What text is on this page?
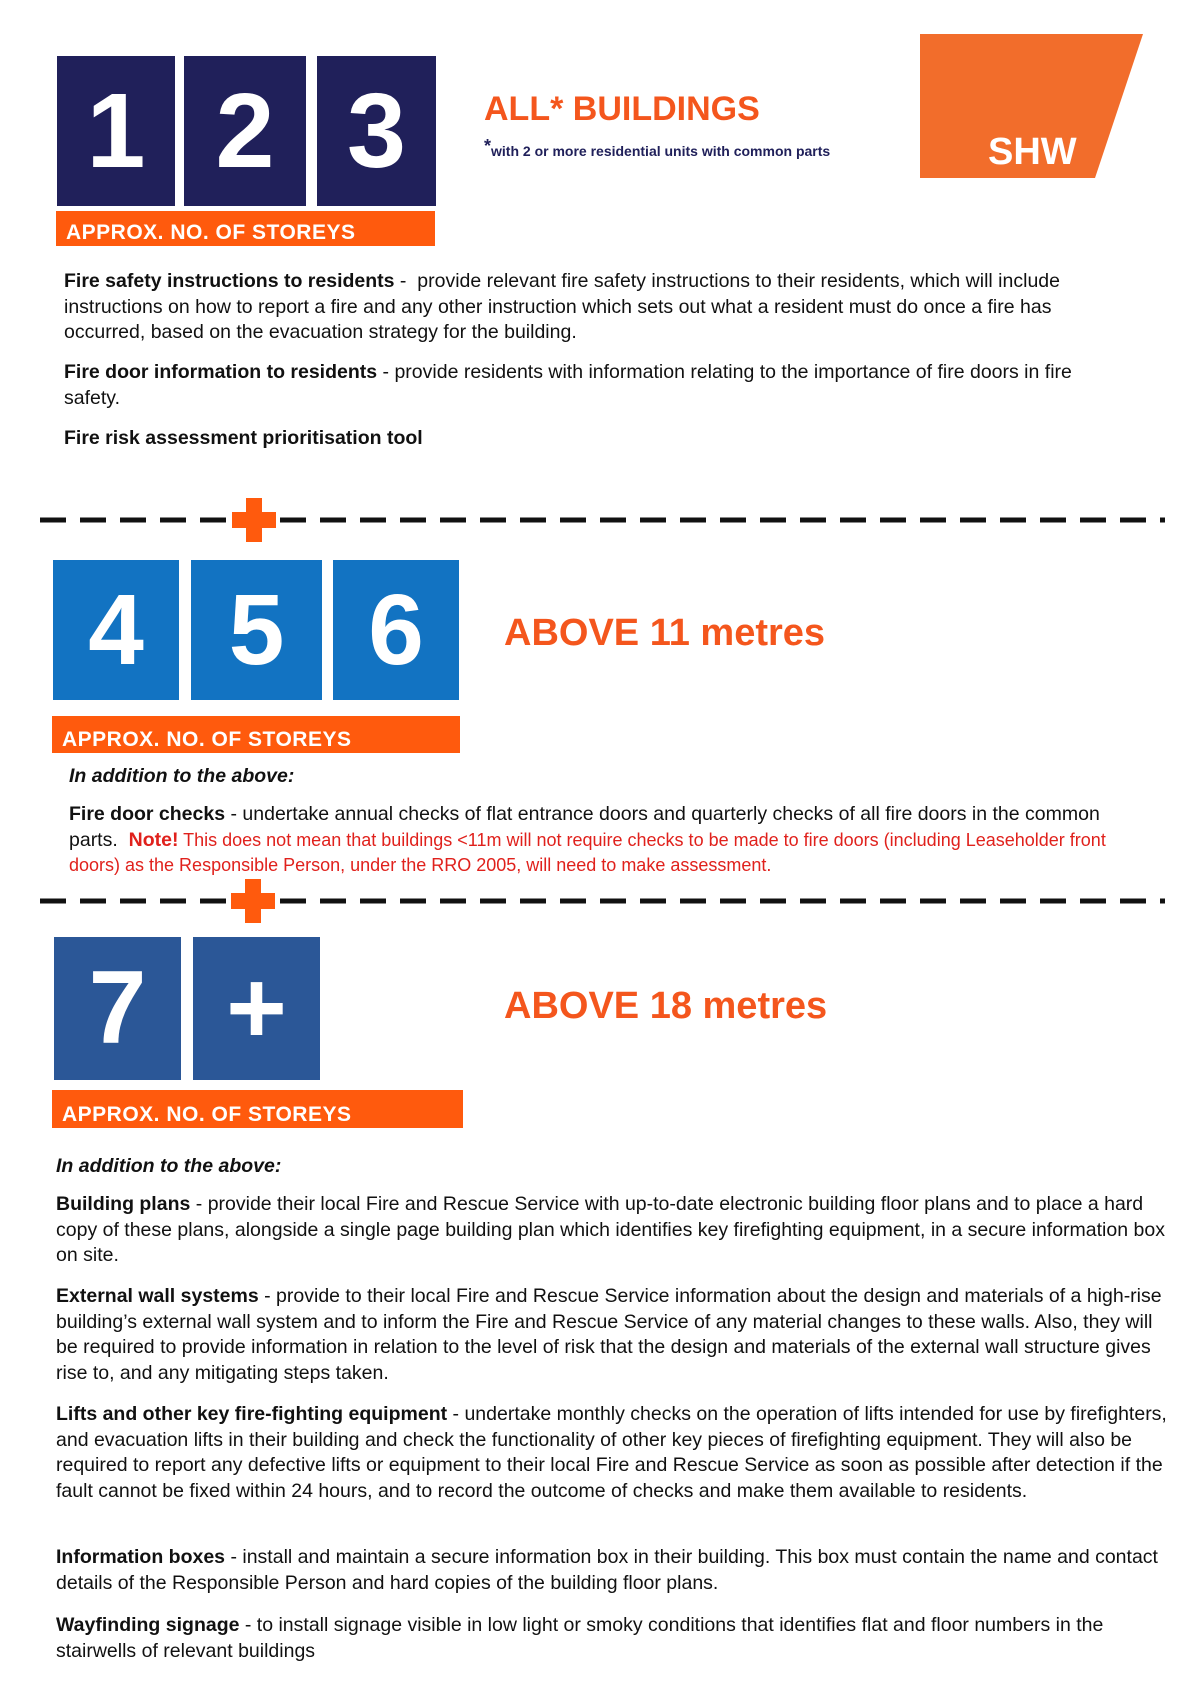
1 2 3
APPROX. NO. OF STOREYS
ALL* BUILDINGS
*with 2 or more residential units with common parts	SHW

Fire safety instructions to residents -  provide relevant fire safety instructions to their residents, which will include instructions on how to report a fire and any other instruction which sets out what a resident must do once a fire has occurred, based on the evacuation strategy for the building.

Fire door information to residents - provide residents with information relating to the importance of fire doors in fire safety.

Fire risk assessment prioritisation tool

4 5 6
APPROX. NO. OF STOREYS
ABOVE 11 metres
In addition to the above:

Fire door checks - undertake annual checks of flat entrance doors and quarterly checks of all fire doors in the common parts. Note! This does not mean that buildings <11m will not require checks to be made to fire doors (including Leaseholder front doors) as the Responsible Person, under the RRO 2005, will need to make assessment.

7 +
APPROX. NO. OF STOREYS
ABOVE 18 metres
In addition to the above:

Building plans - provide their local Fire and Rescue Service with up-to-date electronic building floor plans and to place a hard copy of these plans, alongside a single page building plan which identifies key firefighting equipment, in a secure information box on site.

External wall systems - provide to their local Fire and Rescue Service information about the design and materials of a high-rise building’s external wall system and to inform the Fire and Rescue Service of any material changes to these walls. Also, they will be required to provide information in relation to the level of risk that the design and materials of the external wall structure gives rise to, and any mitigating steps taken.

Lifts and other key fire-fighting equipment - undertake monthly checks on the operation of lifts intended for use by firefighters, and evacuation lifts in their building and check the functionality of other key pieces of firefighting equipment. They will also be required to report any defective lifts or equipment to their local Fire and Rescue Service as soon as possible after detection if the fault cannot be fixed within 24 hours, and to record the outcome of checks and make them available to residents.

Information boxes - install and maintain a secure information box in their building. This box must contain the name and contact details of the Responsible Person and hard copies of the building floor plans.

Wayfinding signage - to install signage visible in low light or smoky conditions that identifies flat and floor numbers in the stairwells of relevant buildings
